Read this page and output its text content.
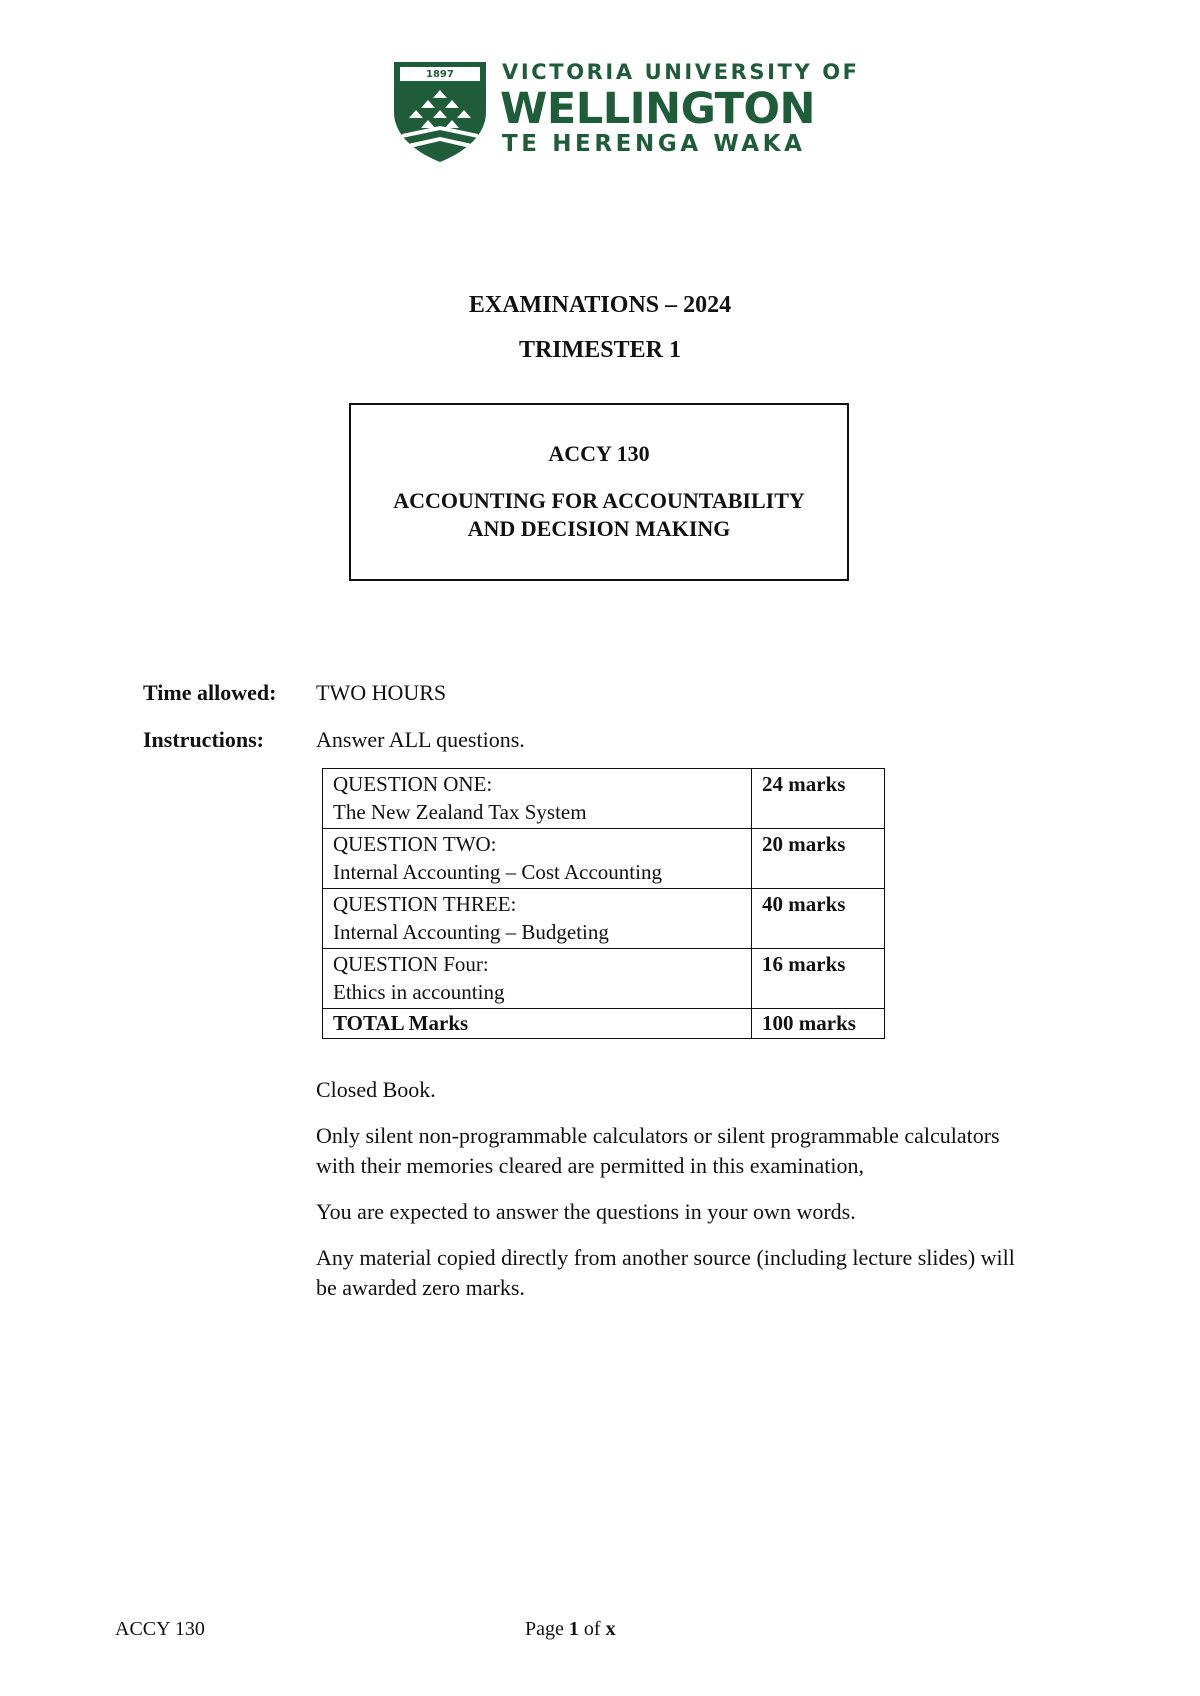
1897 VICTORIA UNIVERSITY OF
WELLINGTON
TE HERENGA WAKA
EXAMINATIONS – 2024
TRIMESTER 1
ACCY 130
ACCOUNTING FOR ACCOUNTABILITY
AND DECISION MAKING
Time allowed: TWO HOURS
Instructions: Answer ALL questions.
QUESTION ONE:
The New Zealand Tax System	24 marks

QUESTION TWO:
Internal Accounting – Cost Accounting	20 marks

QUESTION THREE:
Internal Accounting – Budgeting	40 marks

QUESTION Four:
Ethics in accounting	16 marks
TOTAL Marks	100 marks
Closed Book.
Only silent non-programmable calculators or silent programmable calculators
with their memories cleared are permitted in this examination,
You are expected to answer the questions in your own words.
Any material copied directly from another source (including lecture slides) will
be awarded zero marks.
ACCY 130	Page 1 of x
